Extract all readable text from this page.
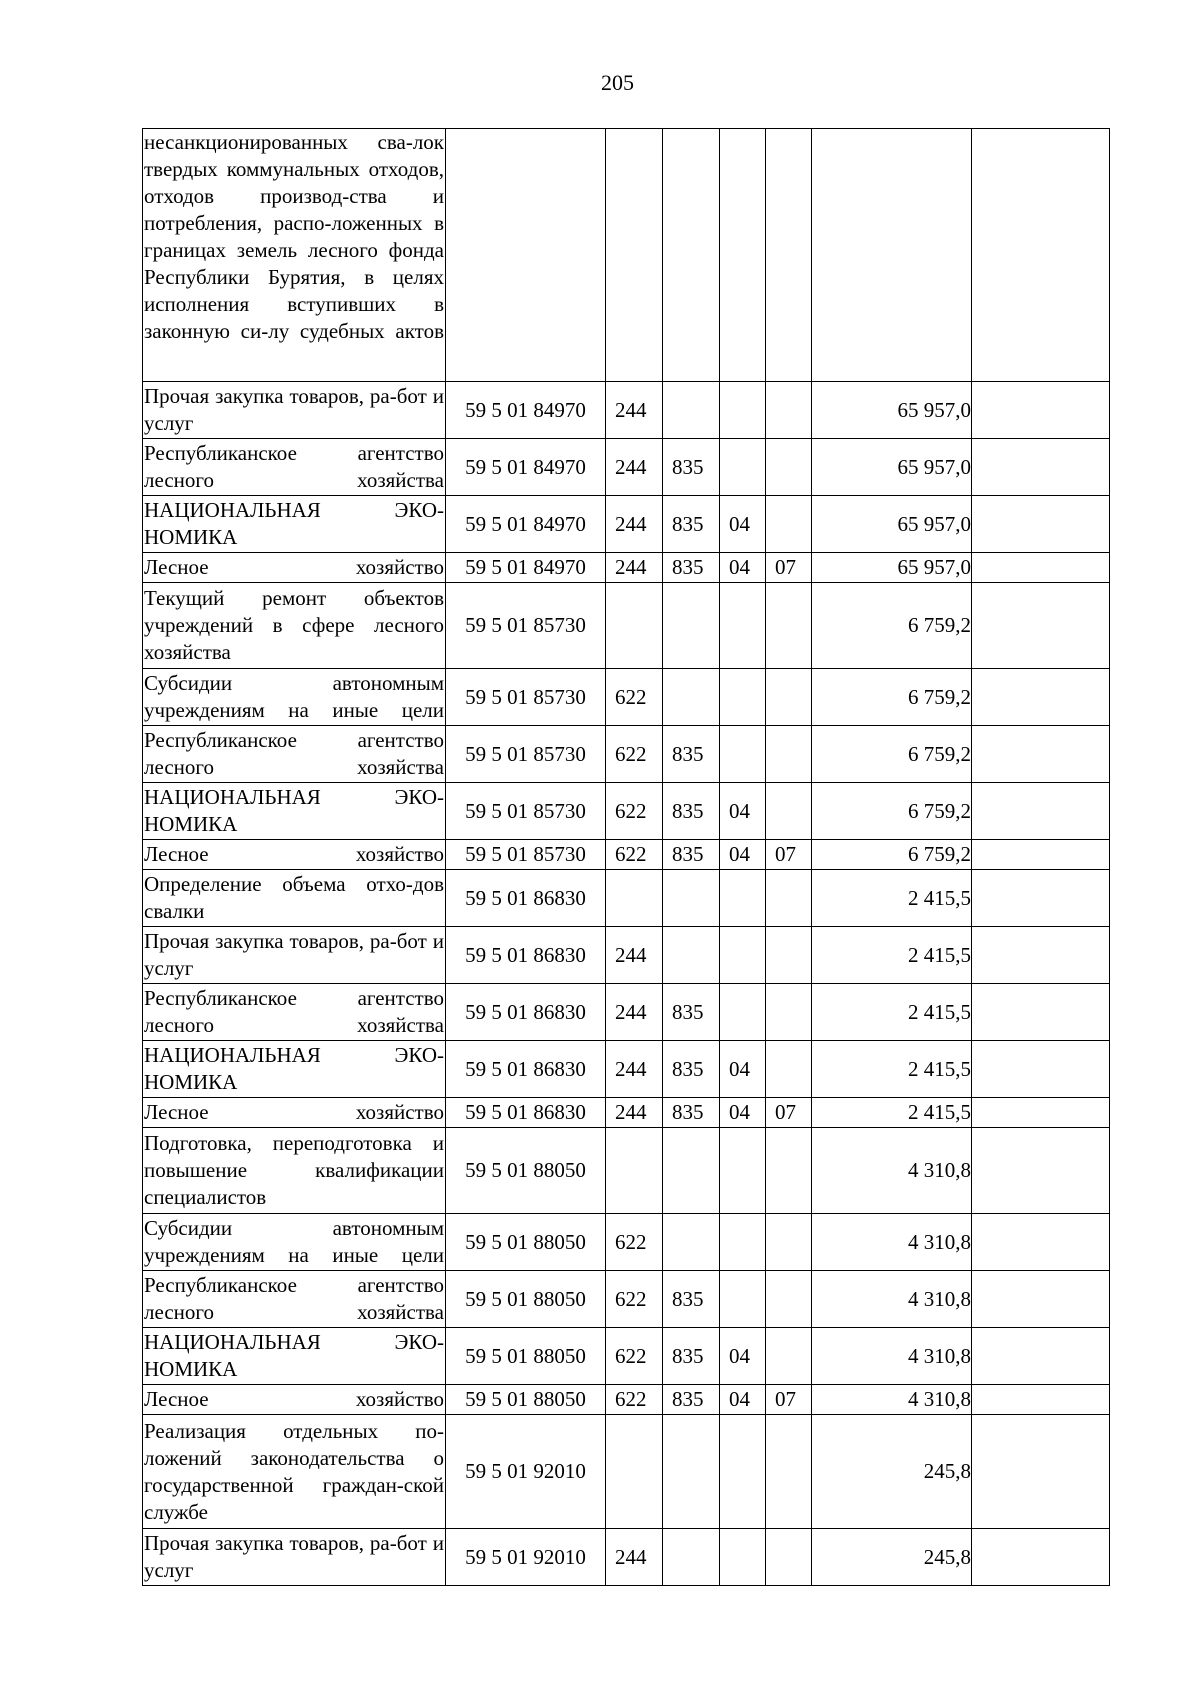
205
несанкционированных сва-лок твердых коммунальных отходов, отходов производ-ства и потребления, распо-ложенных в границах земель лесного фонда Республики Бурятия, в целях исполнения вступивших в законную си-лу судебных актов							
Прочая закупка товаров, ра-бот и услуг	59 5 01 84970	244				65 957,0	
Республиканское агентство лесного хозяйства	59 5 01 84970	244	835			65 957,0	
НАЦИОНАЛЬНАЯ ЭКО-НОМИКА	59 5 01 84970	244	835	04		65 957,0	
Лесное хозяйство	59 5 01 84970	244	835	04	07	65 957,0	
Текущий ремонт объектов учреждений в сфере лесного хозяйства	59 5 01 85730					6 759,2	
Субсидии автономным учреждениям на иные цели	59 5 01 85730	622				6 759,2	
Республиканское агентство лесного хозяйства	59 5 01 85730	622	835			6 759,2	
НАЦИОНАЛЬНАЯ ЭКО-НОМИКА	59 5 01 85730	622	835	04		6 759,2	
Лесное хозяйство	59 5 01 85730	622	835	04	07	6 759,2	
Определение объема отхо-дов свалки	59 5 01 86830					2 415,5	
Прочая закупка товаров, ра-бот и услуг	59 5 01 86830	244				2 415,5	
Республиканское агентство лесного хозяйства	59 5 01 86830	244	835			2 415,5	
НАЦИОНАЛЬНАЯ ЭКО-НОМИКА	59 5 01 86830	244	835	04		2 415,5	
Лесное хозяйство	59 5 01 86830	244	835	04	07	2 415,5	
Подготовка, переподготовка и повышение квалификации специалистов	59 5 01 88050					4 310,8	
Субсидии автономным учреждениям на иные цели	59 5 01 88050	622				4 310,8	
Республиканское агентство лесного хозяйства	59 5 01 88050	622	835			4 310,8	
НАЦИОНАЛЬНАЯ ЭКО-НОМИКА	59 5 01 88050	622	835	04		4 310,8	
Лесное хозяйство	59 5 01 88050	622	835	04	07	4 310,8	
Реализация отдельных по-ложений законодательства о государственной граждан-ской службе	59 5 01 92010					245,8	
Прочая закупка товаров, ра-бот и услуг	59 5 01 92010	244				245,8	
